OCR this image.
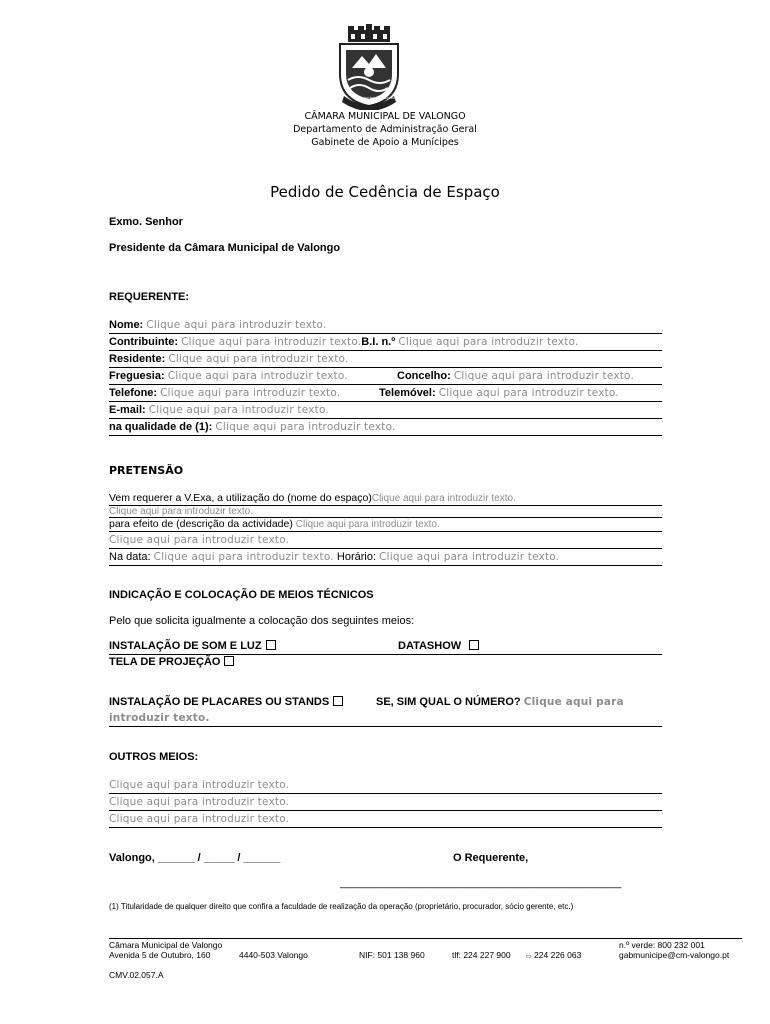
MUNICÍPIO DE VALONGO
CÂMARA MUNICIPAL DE VALONGO
Departamento de Administração Geral
Gabinete de Apoio a Munícipes
Pedido de Cedência de Espaço
Exmo. Senhor
Presidente da Câmara Municipal de Valongo
REQUERENTE:
Nome: Clique aqui para introduzir texto.
Contribuinte: Clique aqui para introduzir texto.B.I. n.º Clique aqui para introduzir texto.
Residente: Clique aqui para introduzir texto.
Freguesia: Clique aqui para introduzir texto.	Concelho: Clique aqui para introduzir texto.
Telefone: Clique aqui para introduzir texto.	Telemóvel: Clique aqui para introduzir texto.
E-mail: Clique aqui para introduzir texto.
na qualidade de (1): Clique aqui para introduzir texto.
PRETENSÃO
Vem requerer a V.Exa, a utilização do (nome do espaço)Clique aqui para introduzir texto.
Clique aqui para introduzir texto.
para efeito de (descrição da actividade) Clique aqui para introduzir texto.
Clique aqui para introduzir texto.
Na data: Clique aqui para introduzir texto. Horário: Clique aqui para introduzir texto.
INDICAÇÃO E COLOCAÇÃO DE MEIOS TÉCNICOS
Pelo que solicita igualmente a colocação dos seguintes meios:
INSTALAÇÃO DE SOM E LUZ	DATASHOW
TELA DE PROJEÇÃO
INSTALAÇÃO DE PLACARES OU STANDS	SE, SIM QUAL O NÚMERO? Clique aqui para
introduzir texto.
OUTROS MEIOS:
Clique aqui para introduzir texto.
Clique aqui para introduzir texto.
Clique aqui para introduzir texto.
Valongo, ______ / _____ / ______	O Requerente,
______________________________________________
(1) Titularidade de qualquer direito que confira a faculdade de realização da operação (proprietário, procurador, sócio gerente, etc.)
Câmara Municipal de Valongo
Avenida 5 de Outubro, 160	4440-503 Valongo	NIF: 501 138 960	tlf: 224 227 900	▭ 224 226 063
n.º verde: 800 232 001
gabmunicipe@cm-valongo.pt
CMV.02.057.A
